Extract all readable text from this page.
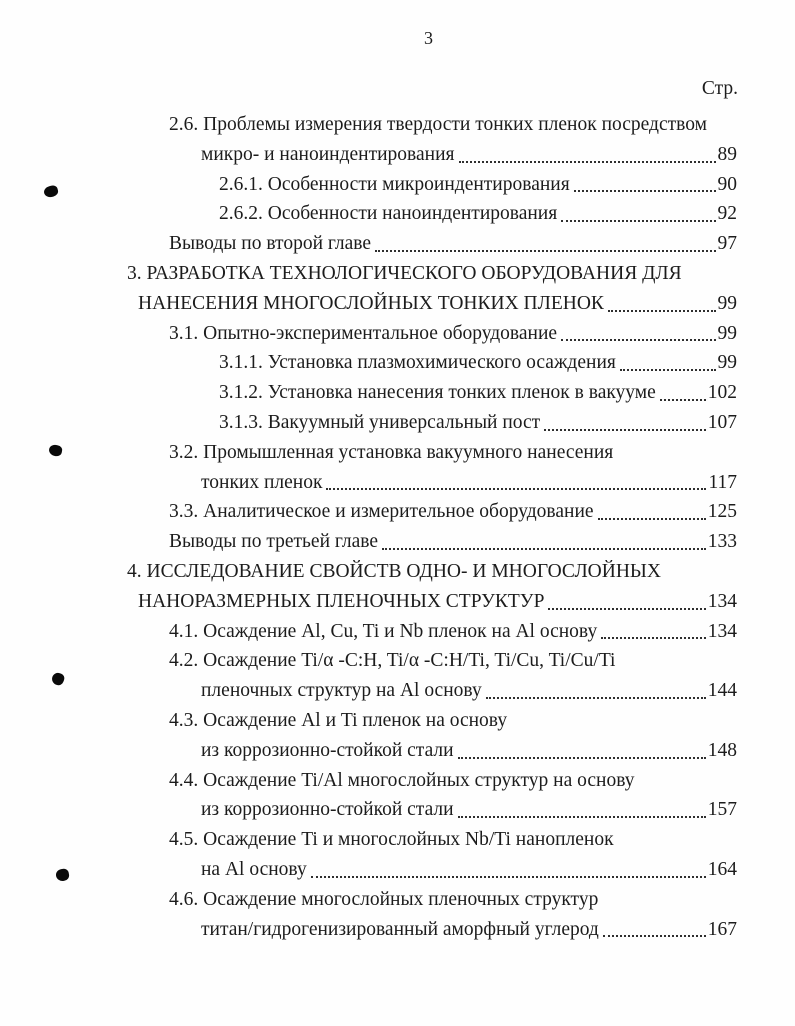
3
Стр.
2.6. Проблемы измерения твердости тонких пленок посредством
микро- и наноиндентирования	89
2.6.1. Особенности микроиндентирования	90
2.6.2. Особенности наноиндентирования	92
Выводы по второй главе	97
3. РАЗРАБОТКА ТЕХНОЛОГИЧЕСКОГО ОБОРУДОВАНИЯ ДЛЯ
НАНЕСЕНИЯ МНОГОСЛОЙНЫХ ТОНКИХ ПЛЕНОК	99
3.1. Опытно-экспериментальное оборудование	99
3.1.1. Установка плазмохимического осаждения	99
3.1.2. Установка нанесения тонких пленок в вакууме	102
3.1.3. Вакуумный универсальный пост	107
3.2. Промышленная установка вакуумного нанесения
тонких пленок	117
3.3. Аналитическое и измерительное оборудование	125
Выводы по третьей главе	133
4. ИССЛЕДОВАНИЕ СВОЙСТВ ОДНО- И МНОГОСЛОЙНЫХ
НАНОРАЗМЕРНЫХ ПЛЕНОЧНЫХ СТРУКТУР	134
4.1. Осаждение Al, Cu, Ti и Nb пленок на Al основу	134
4.2. Осаждение Ti/α -C:H, Ti/α -C:H/Ti, Ti/Cu, Ti/Cu/Ti
пленочных структур на Al основу	144
4.3. Осаждение Al и Ti пленок на основу
из коррозионно-стойкой стали	148
4.4. Осаждение Ti/Al многослойных структур на основу
из коррозионно-стойкой стали	157
4.5. Осаждение Ti и многослойных Nb/Ti нанопленок
на Al основу	164
4.6. Осаждение многослойных пленочных структур
титан/гидрогенизированный аморфный углерод	167
